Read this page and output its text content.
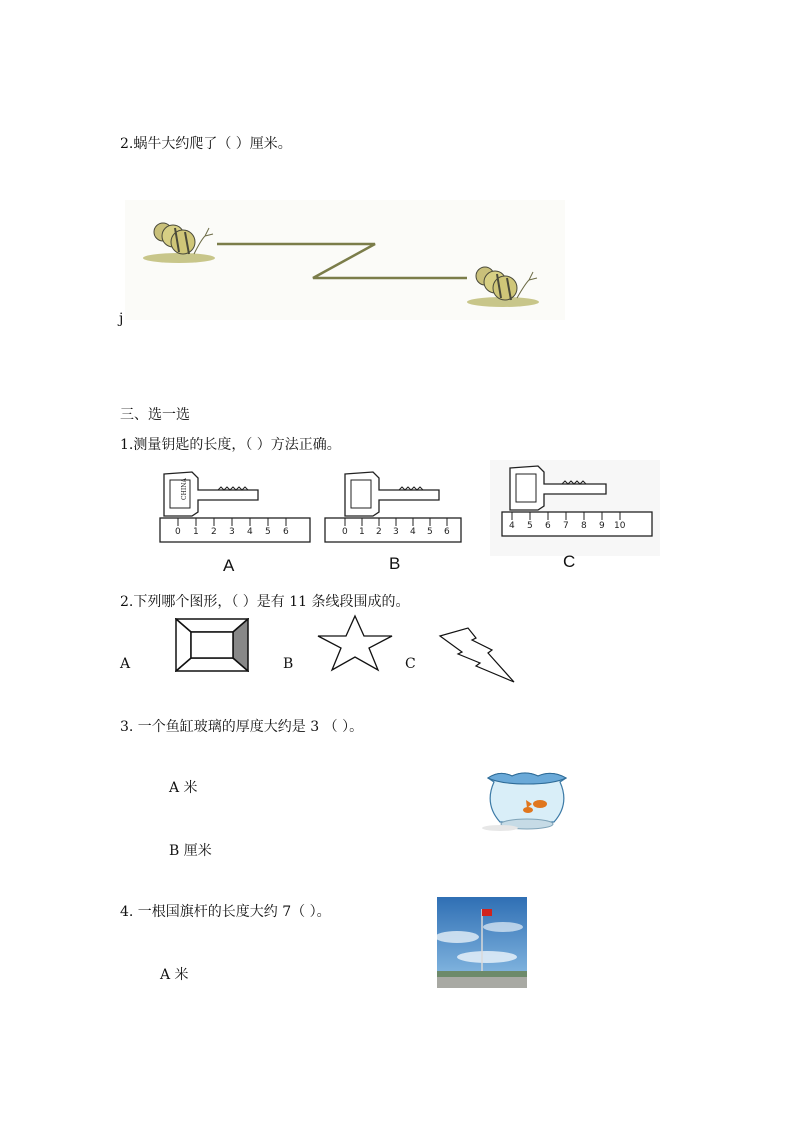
2.蜗牛大约爬了（ ）厘米。
j
三、选一选
1.测量钥匙的长度，（ ）方法正确。
CHINA
0 1 2 3 4 5 6
A
0 1 2 3 4 5 6
B
4 5 6 7 8 9 10
C
2.下列哪个图形，（ ）是有 11 条线段围成的。
A	B	C
3. 一个鱼缸玻璃的厚度大约是 3 （ ）。
A 米
B 厘米
4. 一根国旗杆的长度大约 7（ ）。
A 米
